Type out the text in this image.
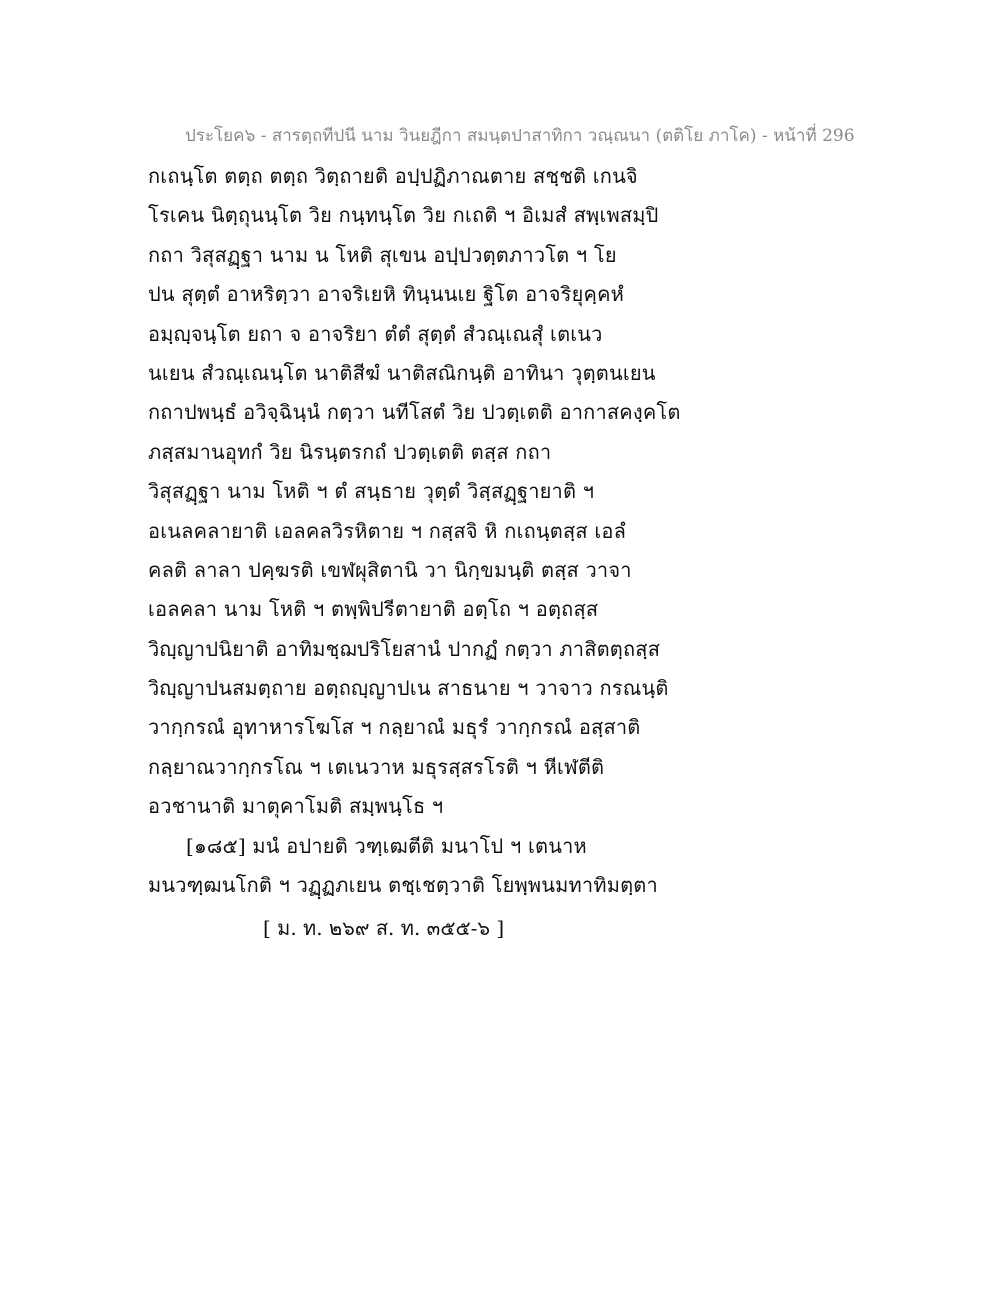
ประโยค๖ - สารตฺถทีปนี นาม วินยฎีกา สมนฺตปาสาทิกา วณฺณนา (ตติโย ภาโค) - หน้าที่ 296
กเถนฺโต ตตฺถ ตตฺถ วิตฺถายติ อปฺปฏิภาณตาย สชฺชติ เกนจิ
โรเคน นิตฺถุนนฺโต วิย กนฺทนฺโต วิย กเถติ ฯ อิเมสํ สพฺเพสมฺปิ
กถา วิสุสฏฺฐา นาม น โหติ สุเขน อปฺปวตฺตภาวโต ฯ โย
ปน สุตฺตํ อาหริตฺวา อาจริเยหิ ทินฺนนเย ฐิโต อาจริยุคฺคหํ
อมฺญฺจนฺโต ยถา จ อาจริยา ตํตํ สุตฺตํ สํวณฺเณสุํ เตเนว
นเยน สํวณฺเณนฺโต นาติสีฆํ นาติสณิกนฺติ อาทินา วุตฺตนเยน
กถาปพนฺธํ อวิจฺฉินฺนํ กตฺวา นทีโสตํ วิย ปวตฺเตติ อากาสคงฺคโต
ภสฺสมานอุทกํ วิย นิรนฺตรกถํ ปวตฺเตติ ตสฺส กถา
วิสุสฏฺฐา นาม โหติ ฯ ตํ สนฺธาย วุตฺตํ วิสฺสฏฺฐายาติ ฯ
อเนลคลายาติ เอลคลวิรหิตาย ฯ กสฺสจิ หิ กเถนฺตสฺส เอลํ
คลติ ลาลา ปคฺฆรติ เขฬผุสิตานิ วา นิกฺขมนฺติ ตสฺส วาจา
เอลคลา นาม โหติ ฯ ตพฺพิปรีตายาติ อตฺโถ ฯ อตฺถสฺส
วิญฺญาปนิยาติ อาทิมชฺฌปริโยสานํ ปากฏํ กตฺวา ภาสิตตฺถสฺส
วิญฺญาปนสมตฺถาย อตฺถญฺญาปเน สาธนาย ฯ วาจาว กรณนฺติ
วากฺกรณํ อุทาหารโฆโส ฯ กลฺยาณํ มธุรํ วากฺกรณํ อสฺสาติ
กลฺยาณวากฺกรโณ ฯ เตเนวาห มธุรสฺสรโรติ ฯ หีเฬตีติ
อวชานาติ มาตุคาโมติ สมฺพนฺโธ ฯ
[๑๘๕] มนํ อปายติ วฑฺเฒตีติ มนาโป ฯ เตนาห
มนวฑฺฒนโกติ ฯ วฏฺฏภเยน ตชฺเชตฺวาติ โยพฺพนมทาทิมตฺตา
[ ม. ท. ๒๖๙ ส. ท. ๓๕๕-๖ ]
